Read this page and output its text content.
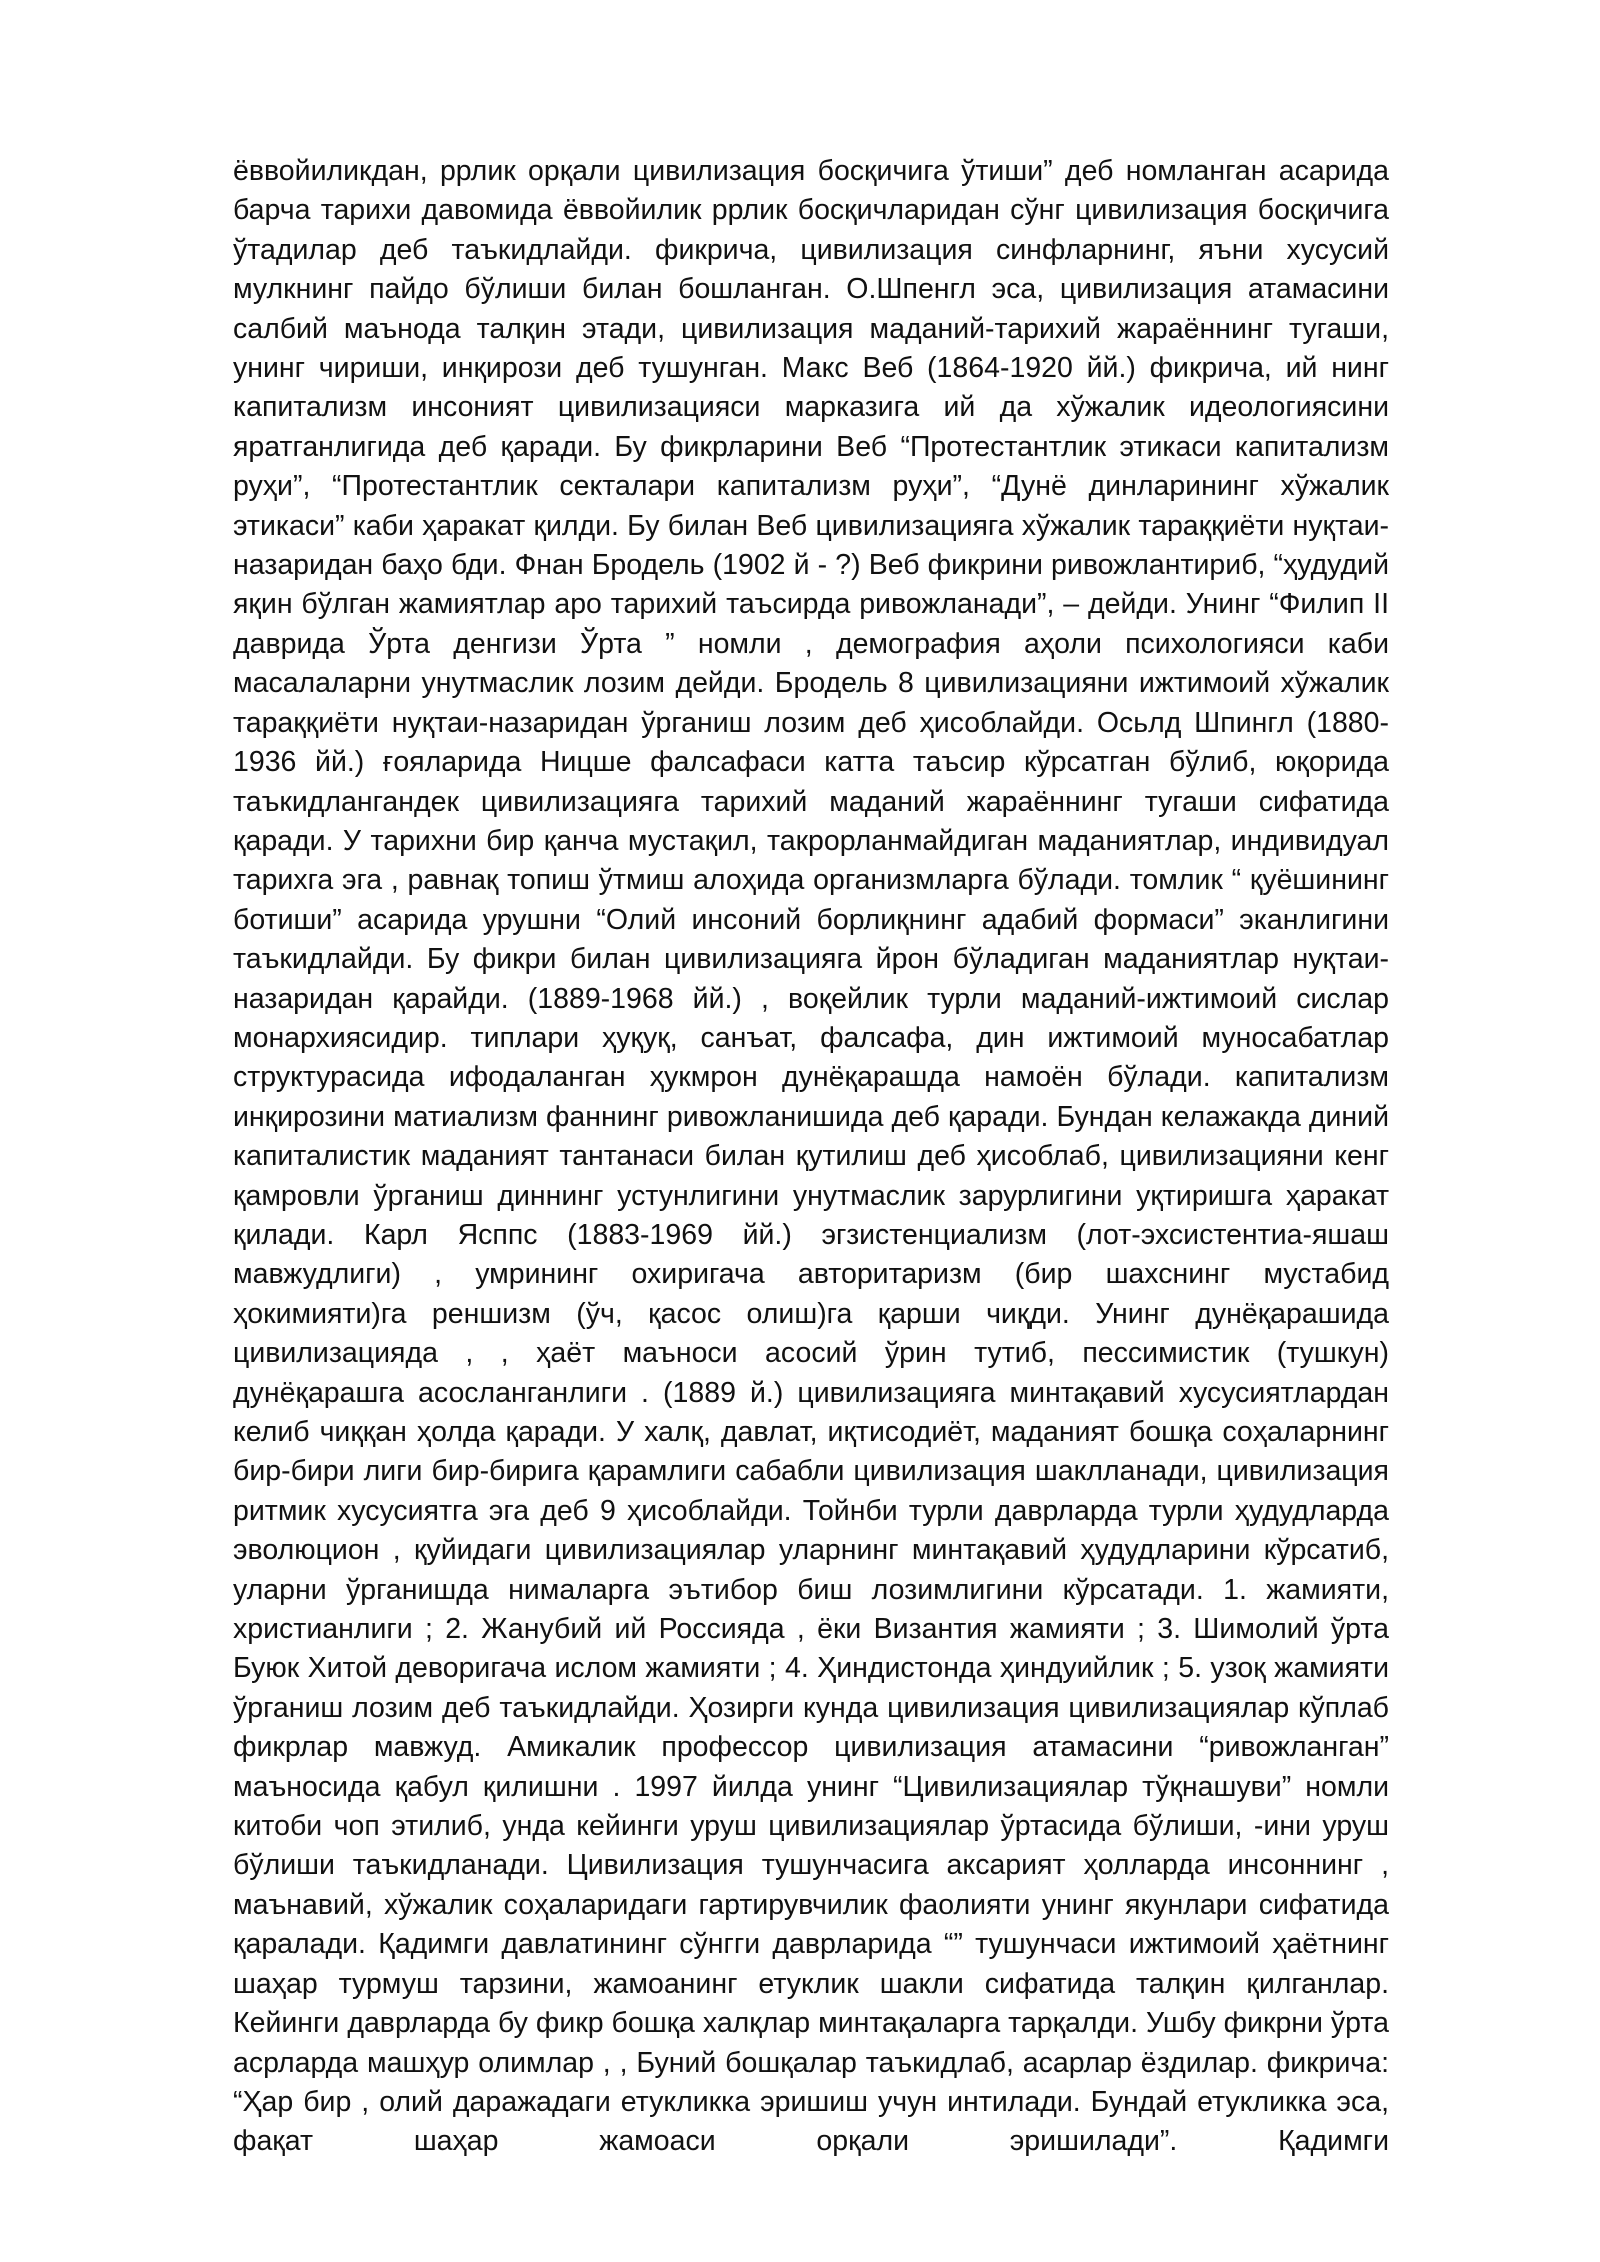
ёввойиликдан, ррлик орқали цивилизация босқичига ўтиши” деб номланган асарида барча тарихи давомида ёввойилик ррлик босқичларидан сўнг цивилизация босқичига ўтадилар деб таъкидлайди. фикрича, цивилизация синфларнинг, яъни хусусий мулкнинг пайдо бўлиши билан бошланган. О.Шпенгл эса, цивилизация атамасини салбий маънода талқин этади, цивилизация маданий-тарихий жараённинг тугаши, унинг чириши, инқирози деб тушунган. Макс Веб (1864-1920 йй.) фикрича, ий нинг капитализм инсоният цивилизацияси марказига ий да хўжалик идеологиясини яратганлигида деб қаради. Бу фикрларини Веб “Протестантлик этикаси капитализм руҳи”, “Протестантлик секталари капитализм руҳи”, “Дунё динларининг хўжалик этикаси” каби ҳаракат қилди. Бу билан Веб цивилизацияга хўжалик тараққиёти нуқтаи-назаридан баҳо бди. Фнан Бродель (1902 й - ?) Веб фикрини ривожлантириб, “ҳудудий яқин бўлган жамиятлар аро тарихий таъсирда ривожланади”, – дейди. Унинг “Филип II даврида Ўрта денгизи Ўрта ” номли , демография аҳоли психологияси каби масалаларни унутмаслик лозим дейди. Бродель 8 цивилизацияни ижтимоий хўжалик тараққиёти нуқтаи-назаридан ўрганиш лозим деб ҳисоблайди. Осьлд Шпингл (1880-1936 йй.) ғояларида Ницше фалсафаси катта таъсир кўрсатган бўлиб, юқорида таъкидлангандек цивилизацияга тарихий маданий жараённинг тугаши сифатида қаради. У тарихни бир қанча мустақил, такрорланмайдиган маданиятлар, индивидуал тарихга эга , равнақ топиш ўтмиш алоҳида организмларга бўлади. томлик “ қуёшининг ботиши” асарида урушни “Олий инсоний борлиқнинг адабий формаси” эканлигини таъкидлайди. Бу фикри билан цивилизацияга йрон бўладиган маданиятлар нуқтаи-назаридан қарайди. (1889-1968 йй.) , воқейлик турли маданий-ижтимоий сислар монархиясидир. типлари ҳуқуқ, санъат, фалсафа, дин ижтимоий муносабатлар структурасида ифодаланган ҳукмрон дунёқарашда намоён бўлади. капитализм инқирозини матиализм фаннинг ривожланишида деб қаради. Бундан келажакда диний капиталистик маданият тантанаси билан қутилиш деб ҳисоблаб, цивилизацияни кенг қамровли ўрганиш диннинг устунлигини унутмаслик зарурлигини уқтиришга ҳаракат қилади. Карл Ясппс (1883-1969 йй.) эгзистенциализм (лот-эхсистентиа-яшаш мавжудлиги) , умрининг охиригача авторитаризм (бир шахснинг мустабид ҳокимияти)га реншизм (ўч, қасос олиш)га қарши чиқди. Унинг дунёқарашида цивилизацияда , , ҳаёт маъноси асосий ўрин тутиб, пессимистик (тушкун) дунёқарашга асосланганлиги . (1889 й.) цивилизацияга минтақавий хусусиятлардан келиб чиққан ҳолда қаради. У халқ, давлат, иқтисодиёт, маданият бошқа соҳаларнинг бир-бири лиги бир-бирига қарамлиги сабабли цивилизация шаклланади, цивилизация ритмик хусусиятга эга деб 9 ҳисоблайди. Тойнби турли даврларда турли ҳудудларда эволюцион , қуйидаги цивилизациялар уларнинг минтақавий ҳудудларини кўрсатиб, уларни ўрганишда нималарга эътибор биш лозимлигини кўрсатади. 1. жамияти, христианлиги ; 2. Жанубий ий Россияда , ёки Византия жамияти ; 3. Шимолий ўрта Буюк Хитой деворигача ислом жамияти ; 4. Ҳиндистонда ҳиндуийлик ; 5. узоқ жамияти ўрганиш лозим деб таъкидлайди. Ҳозирги кунда цивилизация цивилизациялар кўплаб фикрлар мавжуд. Амикалик профессор цивилизация атамасини “ривожланган” маъносида қабул қилишни . 1997 йилда унинг “Цивилизациялар тўқнашуви” номли китоби чоп этилиб, унда кейинги уруш цивилизациялар ўртасида бўлиши, -ини уруш бўлиши таъкидланади. Цивилизация тушунчасига аксарият ҳолларда инсоннинг , маънавий, хўжалик соҳаларидаги гартирувчилик фаолияти унинг якунлари сифатида қаралади. Қадимги давлатининг сўнгги даврларида “” тушунчаси ижтимоий ҳаётнинг шаҳар турмуш тарзини, жамоанинг етуклик шакли сифатида талқин қилганлар. Кейинги даврларда бу фикр бошқа халқлар минтақаларга тарқалди. Ушбу фикрни ўрта асрларда машҳур олимлар , , Буний бошқалар таъкидлаб, асарлар ёздилар. фикрича: “Ҳар бир , олий даражадаги етукликка эришиш учун интилади. Бундай етукликка эса, фақат шаҳар жамоаси орқали эришилади”. Қадимги
